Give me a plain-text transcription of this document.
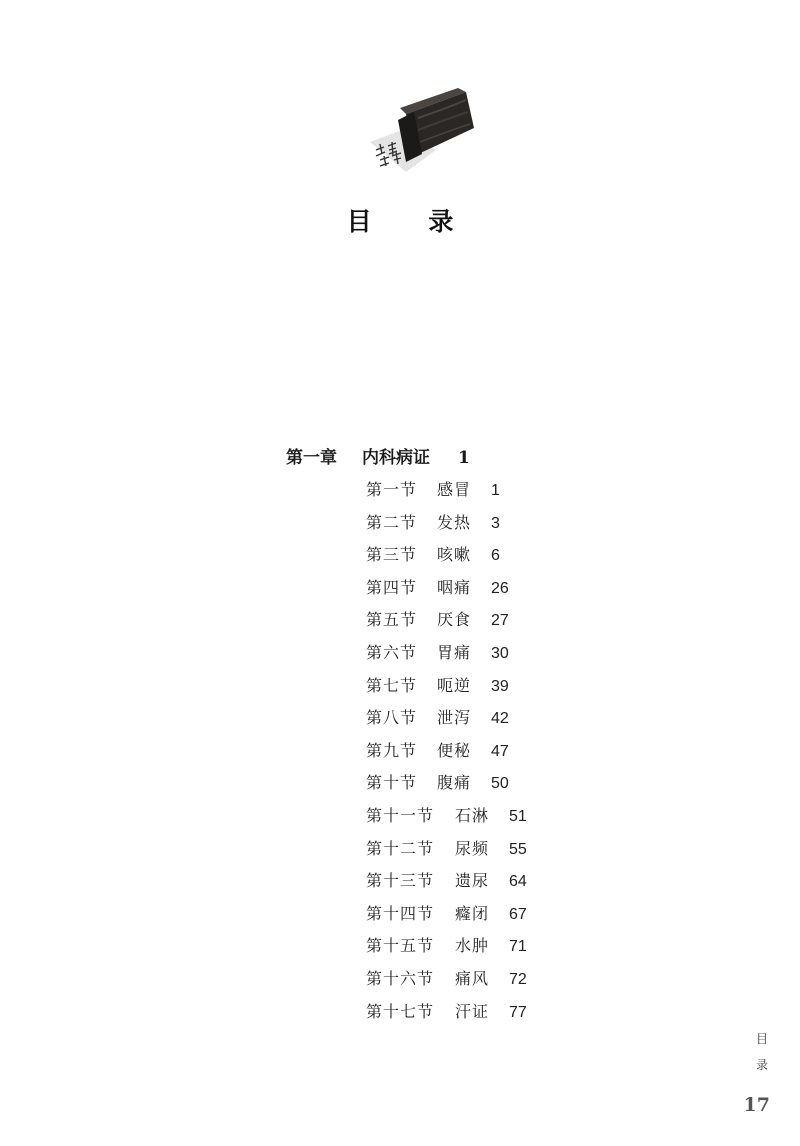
目 录
第一章 内科病证 1
第一节 感冒 1
第二节 发热 3
第三节 咳嗽 6
第四节 咽痛 26
第五节 厌食 27
第六节 胃痛 30
第七节 呃逆 39
第八节 泄泻 42
第九节 便秘 47
第十节 腹痛 50
第十一节 石淋 51
第十二节 尿频 55
第十三节 遗尿 64
第十四节 癃闭 67
第十五节 水肿 71
第十六节 痛风 72
第十七节 汗证 77
目
录
17
